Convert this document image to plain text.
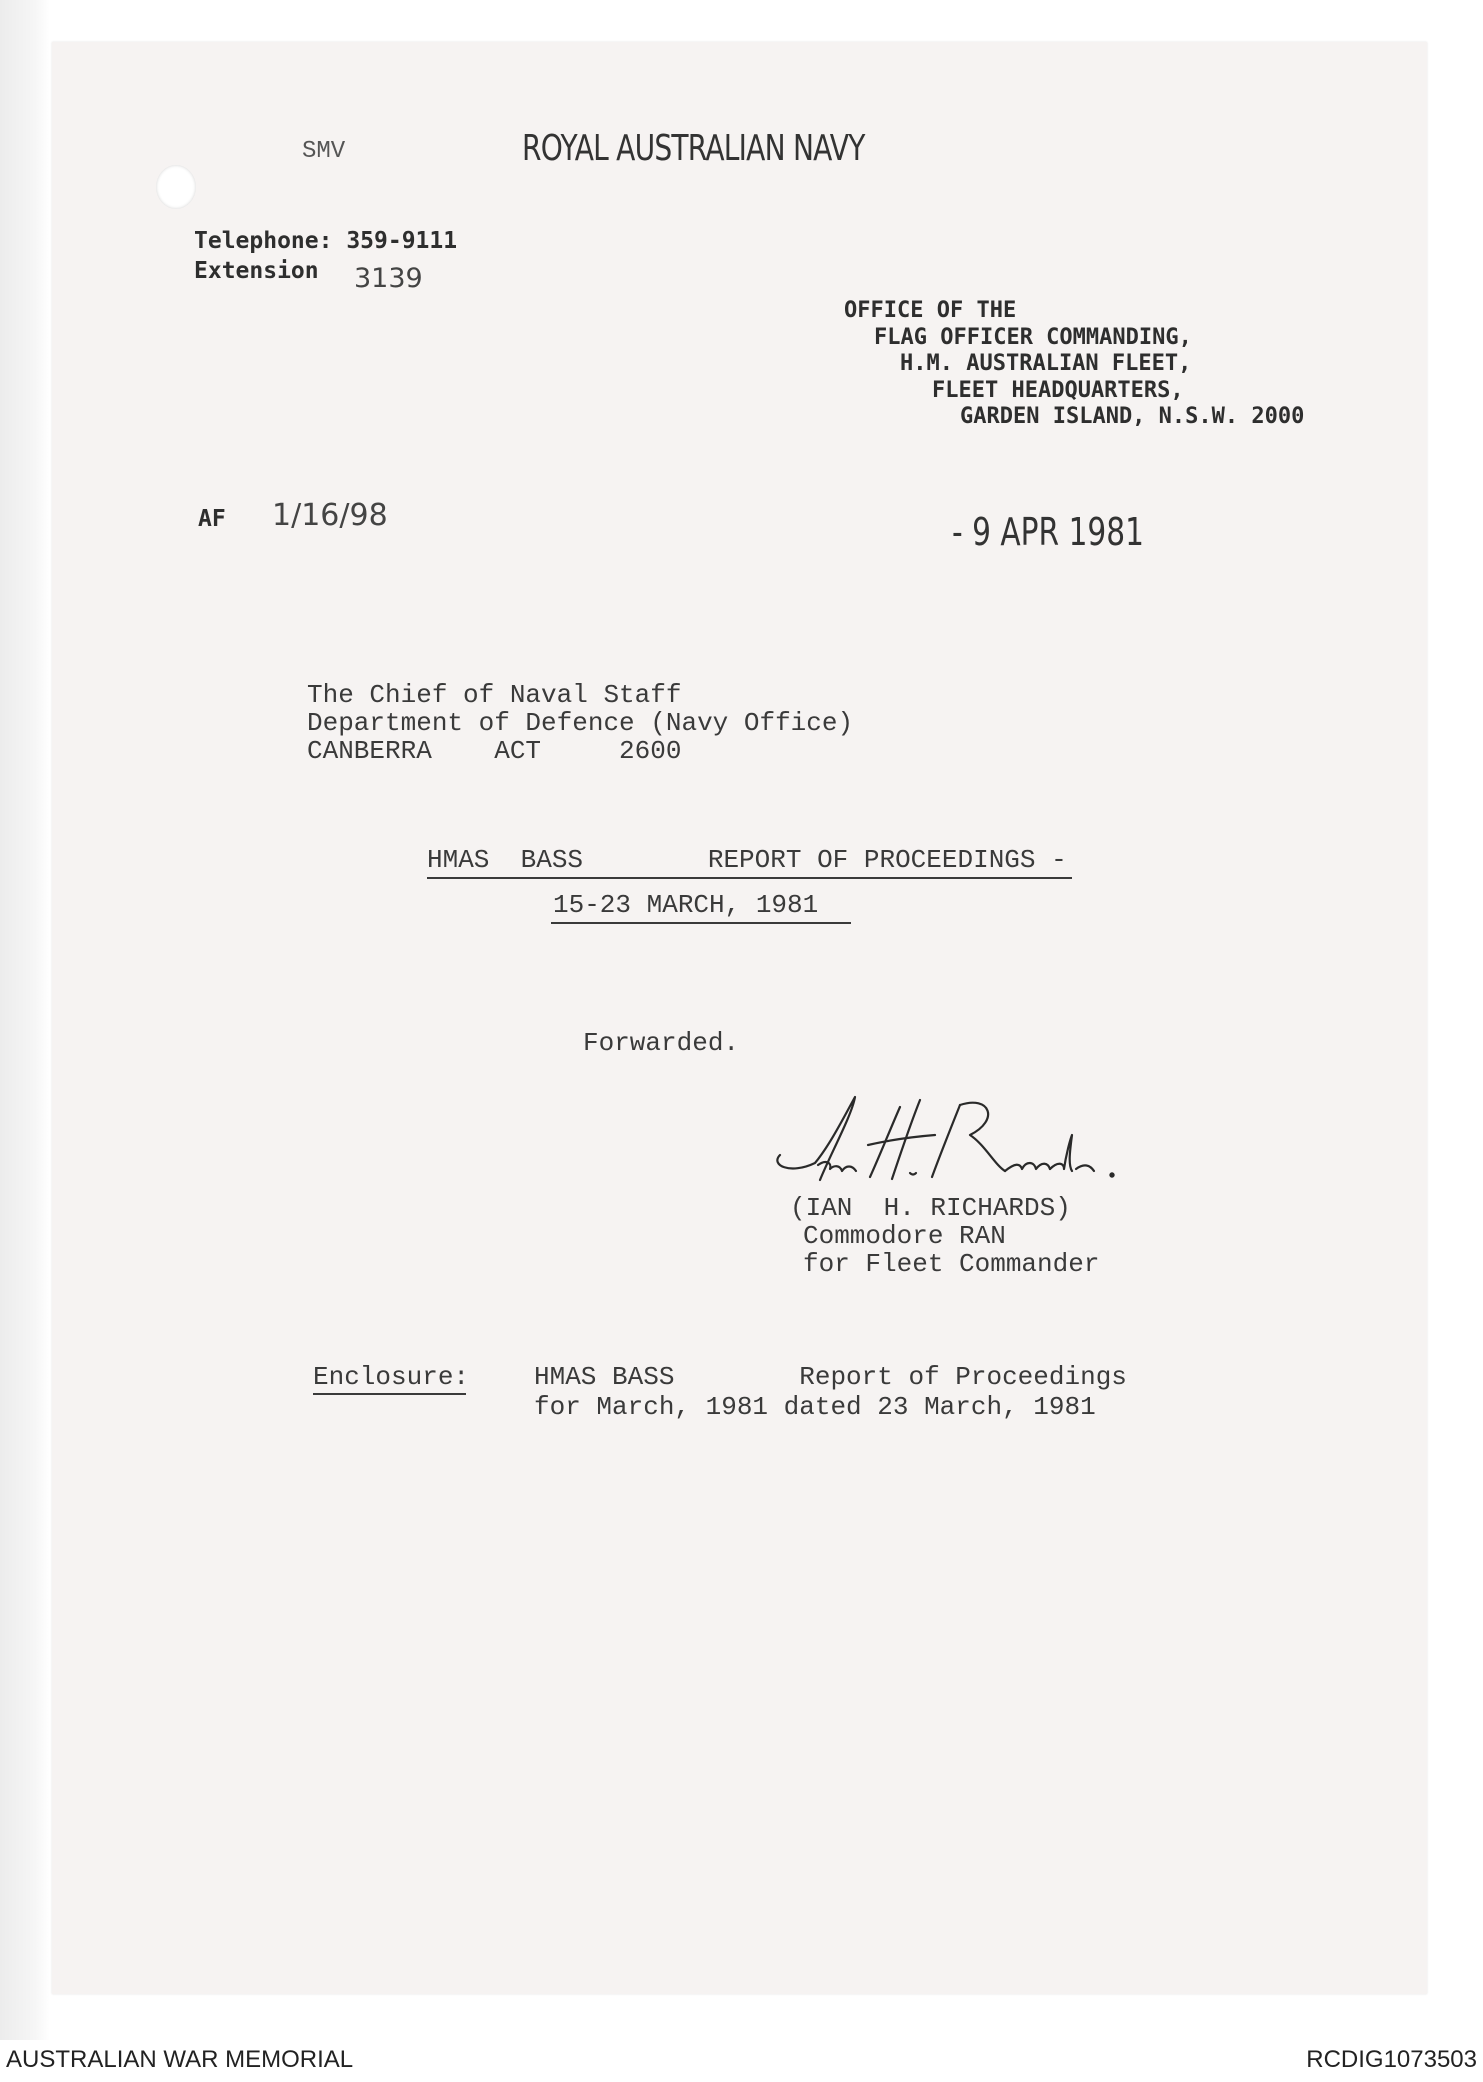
SMV	ROYAL AUSTRALIAN NAVY
Telephone: 359-9111
Extension 3139
OFFICE OF THE
FLAG OFFICER COMMANDING,
H.M. AUSTRALIAN FLEET,
FLEET HEADQUARTERS,
GARDEN ISLAND, N.S.W. 2000
AF 1/16/98	- 9 APR 1981
The Chief of Naval Staff
Department of Defence (Navy Office)
CANBERRA    ACT     2600
HMAS  BASS        REPORT OF PROCEEDINGS -
15-23 MARCH, 1981
Forwarded.
(IAN  H. RICHARDS)
Commodore RAN
for Fleet Commander
Enclosure: HMAS BASS        Report of Proceedings
for March, 1981 dated 23 March, 1981
AUSTRALIAN WAR MEMORIAL	RCDIG1073503
